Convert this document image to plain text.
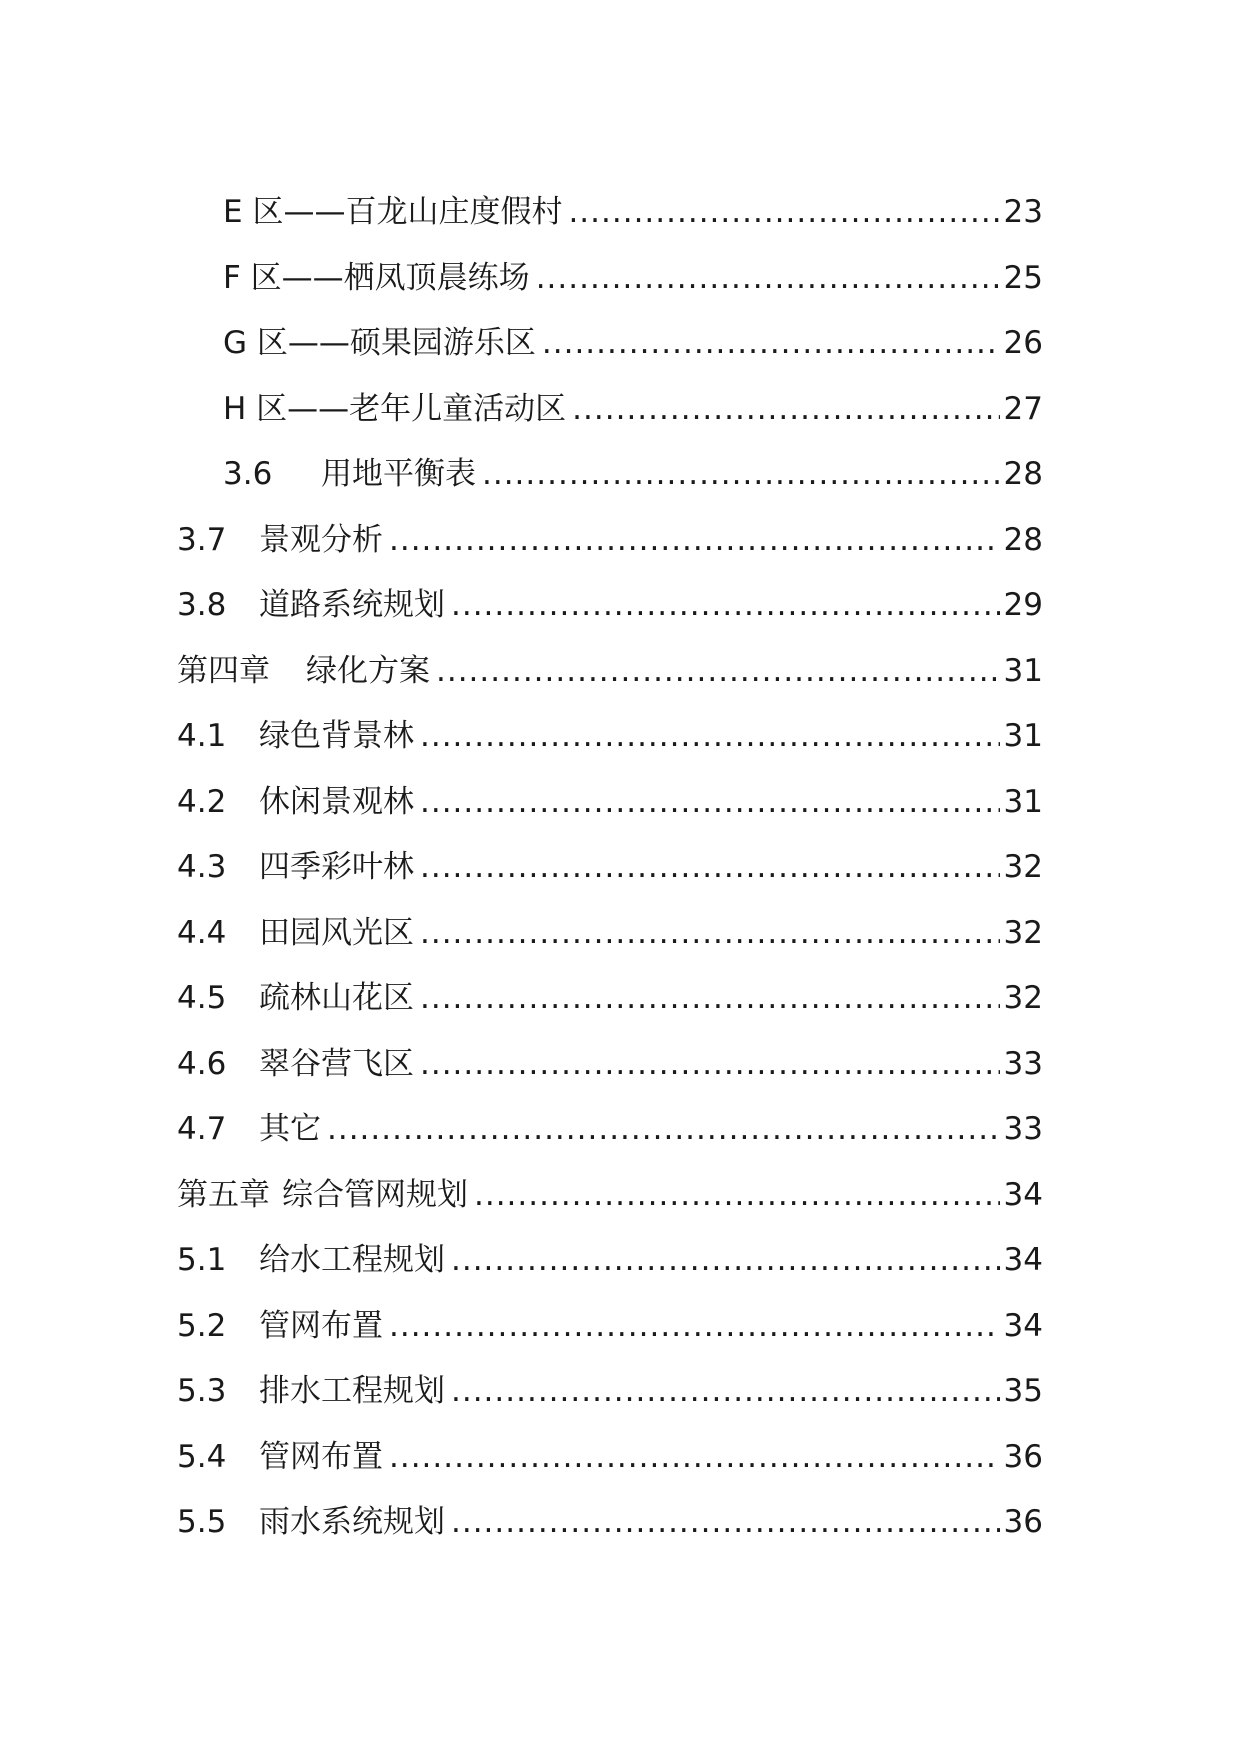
E 区——百龙山庄度假村 .....	23
F 区——栖凤顶晨练场 .....	25
G 区——硕果园游乐区 .....	26
H 区——老年儿童活动区 .....	27
3.6	用地平衡表 .....	28
3.7	景观分析 .....	28
3.8	道路系统规划 .....	29
第四章	绿化方案 .....	31
4.1	绿色背景林 .....	31
4.2	休闲景观林 .....	31
4.3	四季彩叶林 .....	32
4.4	田园风光区 .....	32
4.5	疏林山花区 .....	32
4.6	翠谷营飞区 .....	33
4.7	其它 .....	33
第五章 综合管网规划 .....	34
5.1	给水工程规划 .....	34
5.2	管网布置 .....	34
5.3	排水工程规划 .....	35
5.4	管网布置 .....	36
5.5	雨水系统规划 .....	36
